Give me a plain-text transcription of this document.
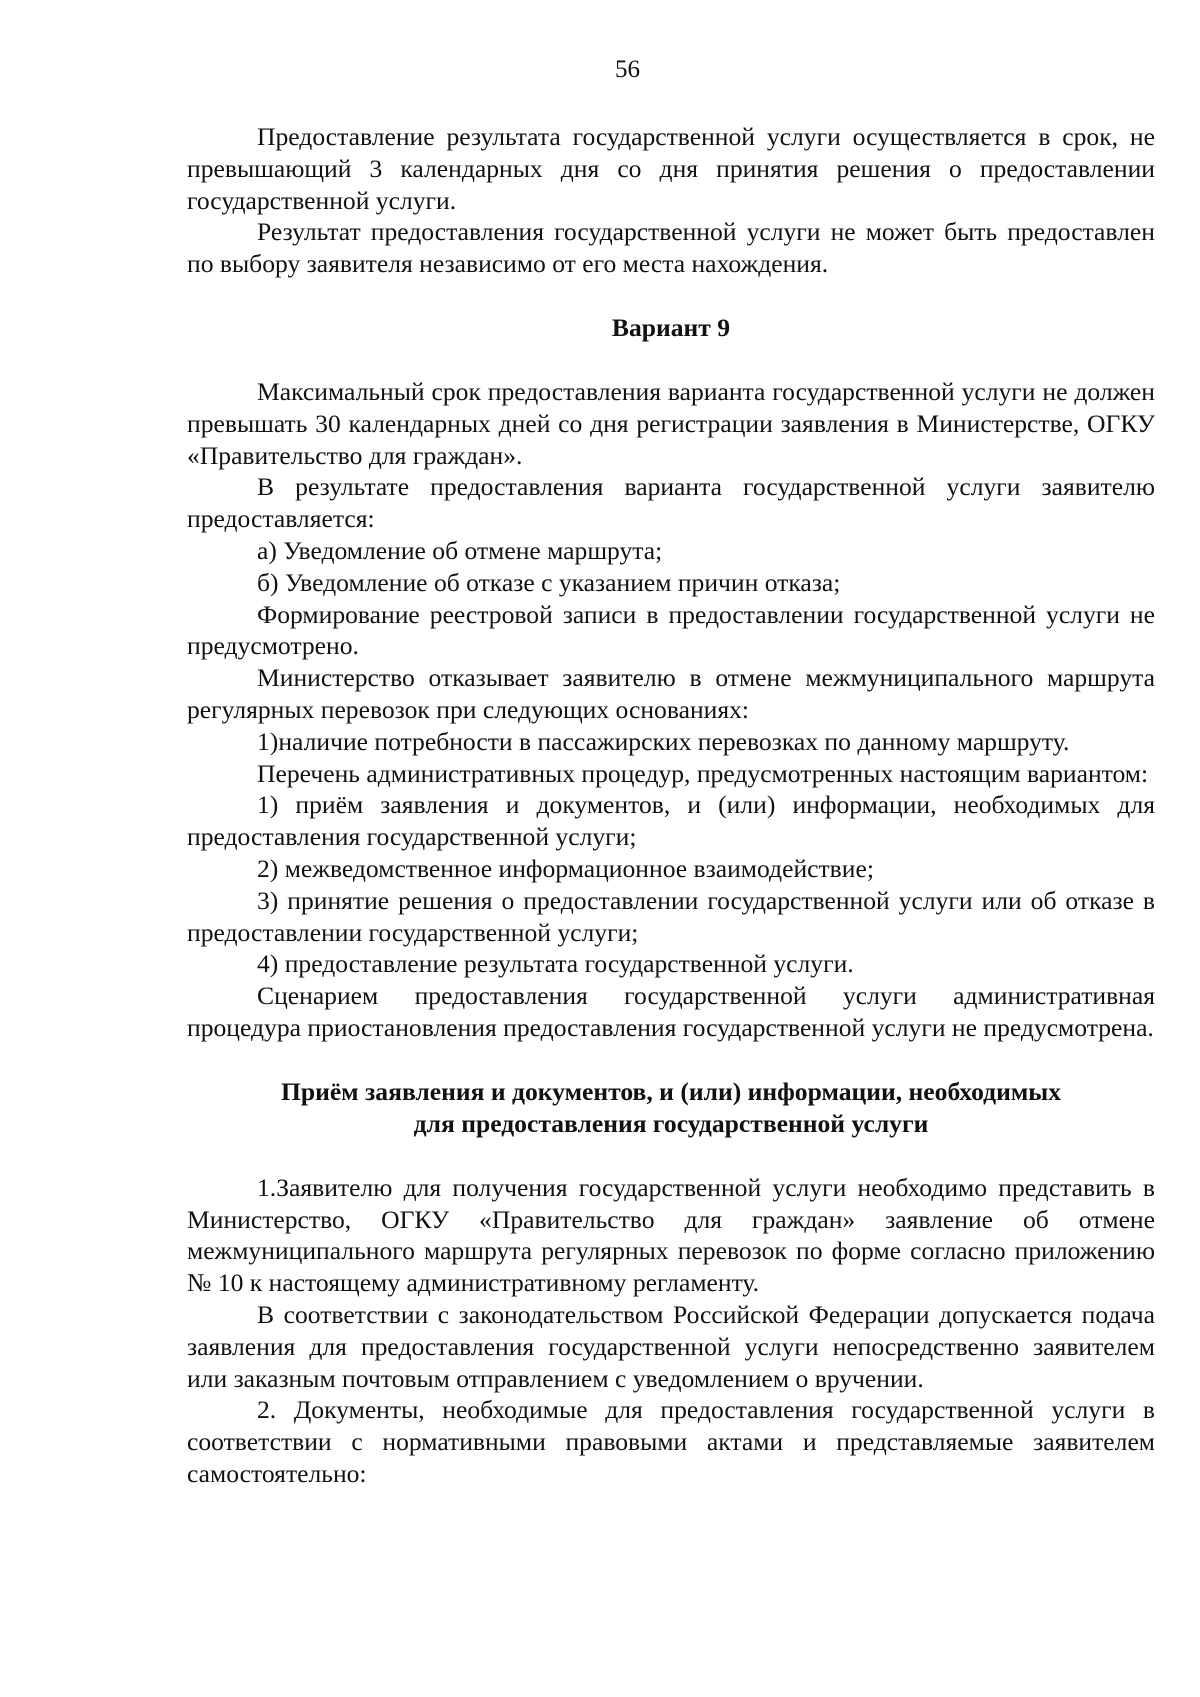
56

Предоставление результата государственной услуги осуществляется в срок, не превышающий 3 календарных дня со дня принятия решения о предоставлении государственной услуги.

Результат предоставления государственной услуги не может быть предоставлен по выбору заявителя независимо от его места нахождения.

Вариант 9

Максимальный срок предоставления варианта государственной услуги не должен превышать 30 календарных дней со дня регистрации заявления в Министерстве, ОГКУ «Правительство для граждан».

В результате предоставления варианта государственной услуги заявителю предоставляется:

а) Уведомление об отмене маршрута;

б) Уведомление об отказе с указанием причин отказа;

Формирование реестровой записи в предоставлении государственной услуги не предусмотрено.

Министерство отказывает заявителю в отмене межмуниципального маршрута регулярных перевозок при следующих основаниях:

1)наличие потребности в пассажирских перевозках по данному маршруту.

Перечень административных процедур, предусмотренных настоящим вариантом:

1) приём заявления и документов, и (или) информации, необходимых для предоставления государственной услуги;

2) межведомственное информационное взаимодействие;

3) принятие решения о предоставлении государственной услуги или об отказе в предоставлении государственной услуги;

4) предоставление результата государственной услуги.

Сценарием предоставления государственной услуги административная процедура приостановления предоставления государственной услуги не предусмотрена.

Приём заявления и документов, и (или) информации, необходимых
для предоставления государственной услуги

1.Заявителю для получения государственной услуги необходимо представить в Министерство, ОГКУ «Правительство для граждан» заявление об отмене межмуниципального маршрута регулярных перевозок по форме согласно приложению № 10 к настоящему административному регламенту.

В соответствии с законодательством Российской Федерации допускается подача заявления для предоставления государственной услуги непосредственно заявителем или заказным почтовым отправлением с уведомлением о вручении.

2. Документы, необходимые для предоставления государственной услуги в соответствии с нормативными правовыми актами и представляемые заявителем самостоятельно:
